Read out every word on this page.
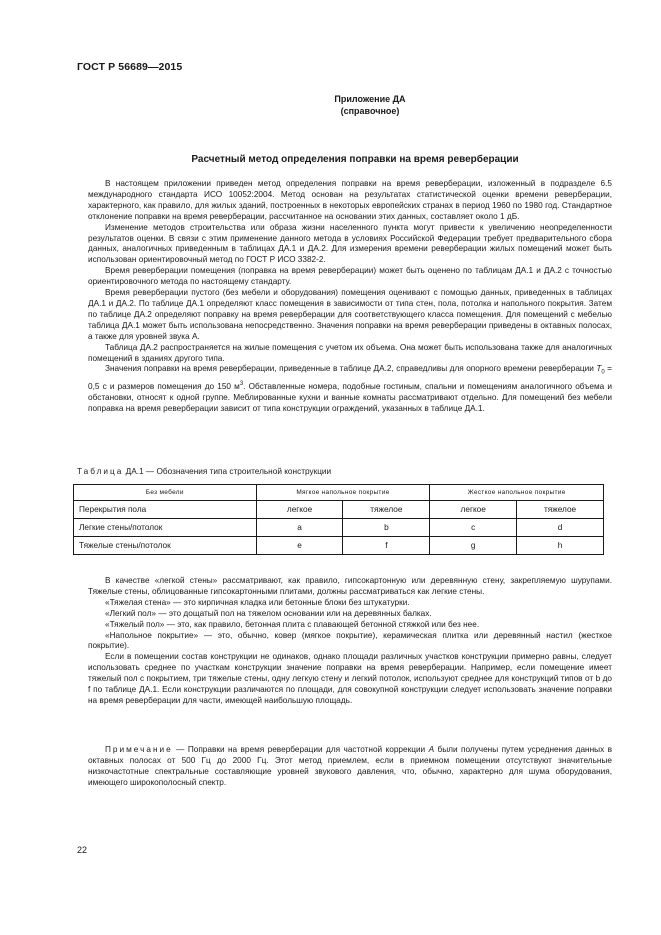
ГОСТ Р 56689—2015
Приложение ДА
(справочное)
Расчетный метод определения поправки на время реверберации

В настоящем приложении приведен метод определения поправки на время реверберации, изложенный в подразделе 6.5 международного стандарта ИСО 10052:2004. Метод основан на результатах статистической оценки времени реверберации, характерного, как правило, для жилых зданий, построенных в некоторых европейских странах в период 1960 по 1980 год. Стандартное отклонение поправки на время реверберации, рассчитанное на основании этих данных, составляет около 1 дБ.

Изменение методов строительства или образа жизни населенного пункта могут привести к увеличению неопределенности результатов оценки. В связи с этим применение данного метода в условиях Российской Федерации требует предварительного сбора данных, аналогичных приведенным в таблицах ДА.1 и ДА.2. Для измерения времени реверберации жилых помещений может быть использован ориентировочный метод по ГОСТ Р ИСО 3382-2.

Время реверберации помещения (поправка на время реверберации) может быть оценено по таблицам ДА.1 и ДА.2 с точностью ориентировочного метода по настоящему стандарту.

Время реверберации пустого (без мебели и оборудования) помещения оценивают с помощью данных, приведенных в таблицах ДА.1 и ДА.2. По таблице ДА.1 определяют класс помещения в зависимости от типа стен, пола, потолка и напольного покрытия. Затем по таблице ДА.2 определяют поправку на время реверберации для соответствующего класса помещения. Для помещений с мебелью таблица ДА.1 может быть использована непосредственно. Значения поправки на время реверберации приведены в октавных полосах, а также для уровней звука А.

Таблица ДА.2 распространяется на жилые помещения с учетом их объема. Она может быть использована также для аналогичных помещений в зданиях другого типа.

Значения поправки на время реверберации, приведенные в таблице ДА.2, справедливы для опорного времени реверберации $T_0 = 0,5$ с и размеров помещения до 150 $м^3$. Обставленные номера, подобные гостиным, спальни и помещениям аналогичного объема и обстановки, относят к одной группе. Меблированные кухни и ванные комнаты рассматривают отдельно. Для помещений без мебели поправка на время реверберации зависит от типа конструкции ограждений, указанных в таблице ДА.1.

Таблица ДА.1 — Обозначения типа строительной конструкции
Без мебели	Мягкое напольное покрытие		Жесткое напольное покрытие	
Перекрытия пола	легкое	тяжелое	легкое	тяжелое
Легкие стены/потолок	a	b	c	d
Тяжелые стены/потолок	e	f	g	h

В качестве «легкой стены» рассматривают, как правило, гипсокартонную или деревянную стену, закрепляемую шурупами. Тяжелые стены, облицованные гипсокартонными плитами, должны рассматриваться как легкие стены.

«Тяжелая стена» — это кирпичная кладка или бетонные блоки без штукатурки.

«Легкий пол» — это дощатый пол на тяжелом основании или на деревянных балках.

«Тяжелый пол» — это, как правило, бетонная плита с плавающей бетонной стяжкой или без нее.

«Напольное покрытие» — это, обычно, ковер (мягкое покрытие), керамическая плитка или деревянный настил (жесткое покрытие).

Если в помещении состав конструкции не одинаков, однако площади различных участков конструкции примерно равны, следует использовать среднее по участкам конструкции значение поправки на время реверберации. Например, если помещение имеет тяжелый пол с покрытием, три тяжелые стены, одну легкую стену и легкий потолок, используют среднее для конструкций типов от b до f по таблице ДА.1. Если конструкции различаются по площади, для совокупной конструкции следует использовать значение поправки на время реверберации для части, имеющей наибольшую площадь.

Примечание — Поправки на время реверберации для частотной коррекции A были получены путем усреднения данных в октавных полосах от 500 Гц до 2000 Гц. Этот метод приемлем, если в приемном помещении отсутствуют значительные низкочастотные спектральные составляющие уровней звукового давления, что, обычно, характерно для шума оборудования, имеющего широкополосный спектр.

22
